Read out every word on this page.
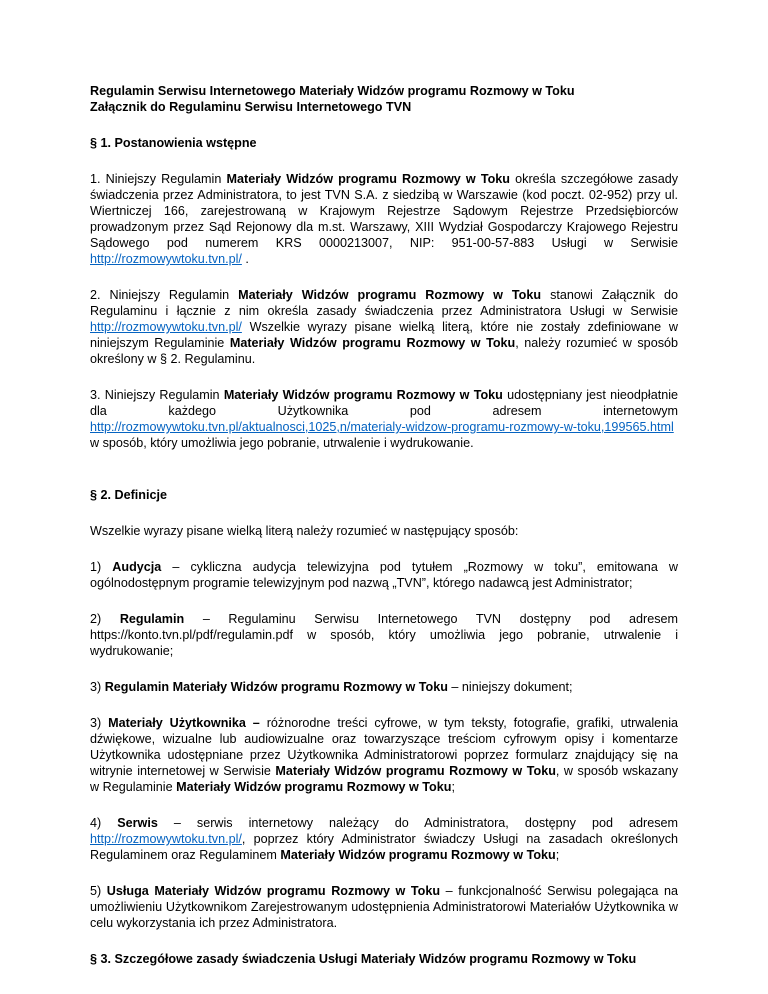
Regulamin Serwisu Internetowego Materiały Widzów programu Rozmowy w Toku

Załącznik do Regulaminu Serwisu Internetowego TVN

§ 1. Postanowienia wstępne

1. Niniejszy Regulamin Materiały Widzów programu Rozmowy w Toku określa szczegółowe zasady świadczenia przez Administratora, to jest TVN S.A. z siedzibą w Warszawie (kod poczt. 02-952) przy ul. Wiertniczej 166, zarejestrowaną w Krajowym Rejestrze Sądowym Rejestrze Przedsiębiorców prowadzonym przez Sąd Rejonowy dla m.st. Warszawy, XIII Wydział Gospodarczy Krajowego Rejestru Sądowego pod numerem KRS 0000213007, NIP: 951-00-57-883 Usługi w Serwisie http://rozmowywtoku.tvn.pl/ .

2. Niniejszy Regulamin Materiały Widzów programu Rozmowy w Toku stanowi Załącznik do Regulaminu i łącznie z nim określa zasady świadczenia przez Administratora Usługi w Serwisie http://rozmowywtoku.tvn.pl/ Wszelkie wyrazy pisane wielką literą, które nie zostały zdefiniowane w niniejszym Regulaminie Materiały Widzów programu Rozmowy w Toku, należy rozumieć w sposób określony w § 2. Regulaminu.

3. Niniejszy Regulamin Materiały Widzów programu Rozmowy w Toku udostępniany jest nieodpłatnie dla każdego Użytkownika pod adresem internetowym http://rozmowywtoku.tvn.pl/aktualnosci,1025,n/materialy-widzow-programu-rozmowy-w-toku,199565.html w sposób, który umożliwia jego pobranie, utrwalenie i wydrukowanie.

§ 2. Definicje

Wszelkie wyrazy pisane wielką literą należy rozumieć w następujący sposób:

1) Audycja – cykliczna audycja telewizyjna pod tytułem „Rozmowy w toku”, emitowana w ogólnodostępnym programie telewizyjnym pod nazwą „TVN”, którego nadawcą jest Administrator;

2) Regulamin – Regulaminu Serwisu Internetowego TVN dostępny pod adresem https://konto.tvn.pl/pdf/regulamin.pdf w sposób, który umożliwia jego pobranie, utrwalenie i wydrukowanie;

3) Regulamin Materiały Widzów programu Rozmowy w Toku – niniejszy dokument;

3) Materiały Użytkownika – różnorodne treści cyfrowe, w tym teksty, fotografie, grafiki, utrwalenia dźwiękowe, wizualne lub audiowizualne oraz towarzyszące treściom cyfrowym opisy i komentarze Użytkownika udostępniane przez Użytkownika Administratorowi poprzez formularz znajdujący się na witrynie internetowej w Serwisie Materiały Widzów programu Rozmowy w Toku, w sposób wskazany w Regulaminie Materiały Widzów programu Rozmowy w Toku;

4) Serwis – serwis internetowy należący do Administratora, dostępny pod adresem http://rozmowywtoku.tvn.pl/, poprzez który Administrator świadczy Usługi na zasadach określonych Regulaminem oraz Regulaminem Materiały Widzów programu Rozmowy w Toku;

5) Usługa Materiały Widzów programu Rozmowy w Toku – funkcjonalność Serwisu polegająca na umożliwieniu Użytkownikom Zarejestrowanym udostępnienia Administratorowi Materiałów Użytkownika w celu wykorzystania ich przez Administratora.

§ 3. Szczegółowe zasady świadczenia Usługi Materiały Widzów programu Rozmowy w Toku
